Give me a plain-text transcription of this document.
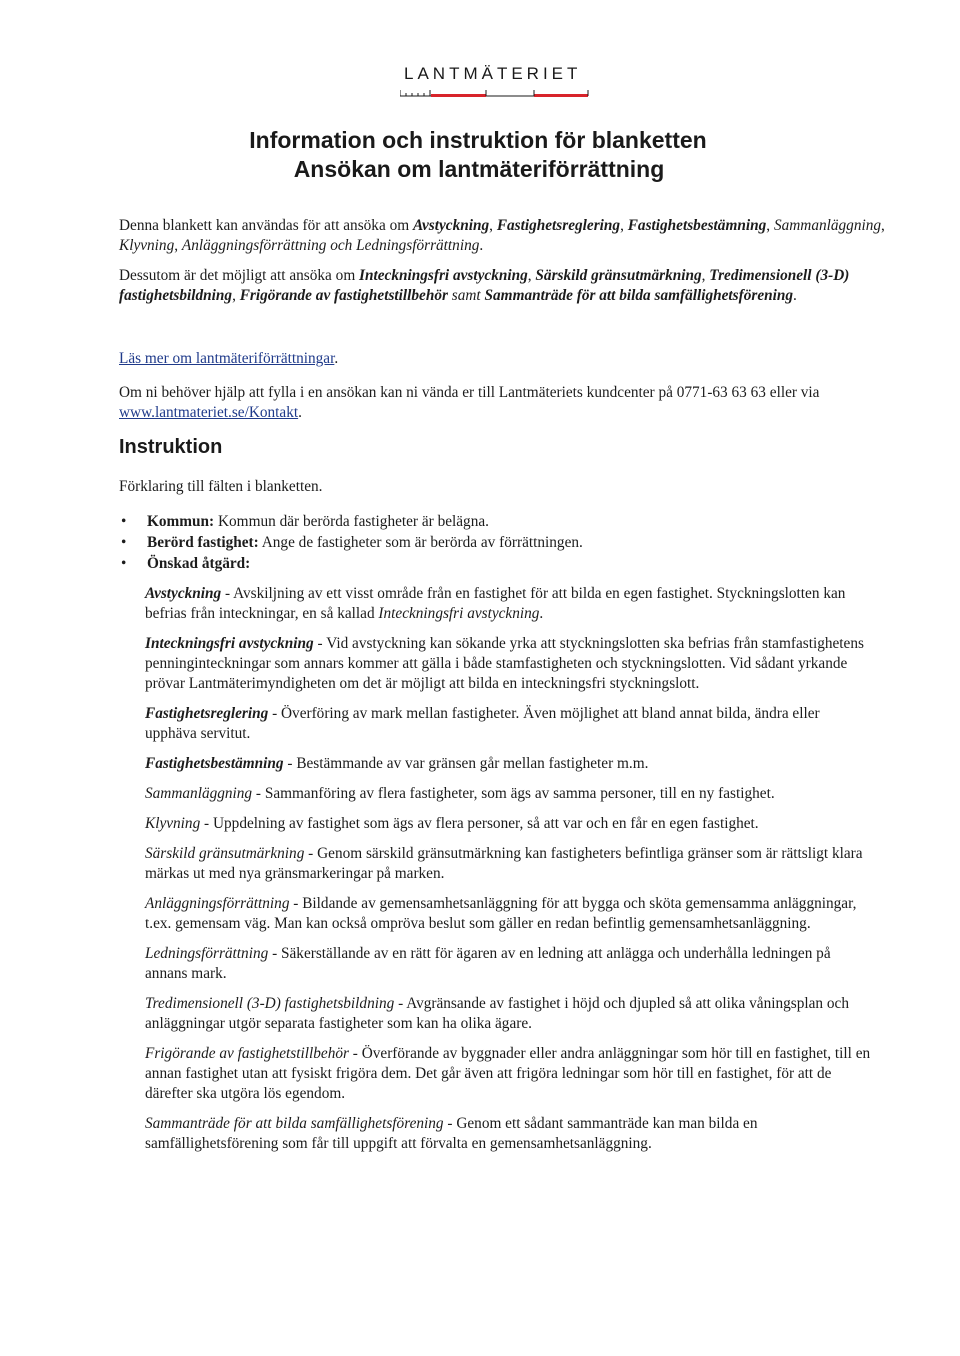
LANTMÄTERIET
Information och instruktion för blanketten
Ansökan om lantmäteriförrättning

Denna blankett kan användas för att ansöka om Avstyckning, Fastighetsreglering, Fastighetsbestämning, Sammanläggning, Klyvning, Anläggningsförrättning och Ledningsförrättning.

Dessutom är det möjligt att ansöka om Inteckningsfri avstyckning, Särskild gränsutmärkning, Tredimensionell (3-D) fastighetsbildning, Frigörande av fastighetstillbehör samt Sammanträde för att bilda samfällighetsförening.

Läs mer om lantmäteriförrättningar.

Om ni behöver hjälp att fylla i en ansökan kan ni vända er till Lantmäteriets kundcenter på 0771-63 63 63 eller via www.lantmateriet.se/Kontakt.

Instruktion

Förklaring till fälten i blanketten.

• Kommun: Kommun där berörda fastigheter är belägna.
• Berörd fastighet: Ange de fastigheter som är berörda av förrättningen.
• Önskad åtgärd:

Avstyckning - Avskiljning av ett visst område från en fastighet för att bilda en egen fastighet. Styckningslotten kan befrias från inteckningar, en så kallad Inteckningsfri avstyckning.

Inteckningsfri avstyckning - Vid avstyckning kan sökande yrka att styckningslotten ska befrias från stamfastighetens penninginteckningar som annars kommer att gälla i både stamfastigheten och styckningslotten. Vid sådant yrkande prövar Lantmäterimyndigheten om det är möjligt att bilda en inteckningsfri styckningslott.

Fastighetsreglering - Överföring av mark mellan fastigheter. Även möjlighet att bland annat bilda, ändra eller upphäva servitut.

Fastighetsbestämning - Bestämmande av var gränsen går mellan fastigheter m.m.

Sammanläggning - Sammanföring av flera fastigheter, som ägs av samma personer, till en ny fastighet.

Klyvning - Uppdelning av fastighet som ägs av flera personer, så att var och en får en egen fastighet.

Särskild gränsutmärkning - Genom särskild gränsutmärkning kan fastigheters befintliga gränser som är rättsligt klara märkas ut med nya gränsmarkeringar på marken.

Anläggningsförrättning - Bildande av gemensamhetsanläggning för att bygga och sköta gemensamma anläggningar, t.ex. gemensam väg. Man kan också ompröva beslut som gäller en redan befintlig gemensamhetsanläggning.

Ledningsförrättning - Säkerställande av en rätt för ägaren av en ledning att anlägga och underhålla ledningen på annans mark.

Tredimensionell (3-D) fastighetsbildning - Avgränsande av fastighet i höjd och djupled så att olika våningsplan och anläggningar utgör separata fastigheter som kan ha olika ägare.

Frigörande av fastighetstillbehör - Överförande av byggnader eller andra anläggningar som hör till en fastighet, till en annan fastighet utan att fysiskt frigöra dem. Det går även att frigöra ledningar som hör till en fastighet, för att de därefter ska utgöra lös egendom.

Sammanträde för att bilda samfällighetsförening - Genom ett sådant sammanträde kan man bilda en samfällighetsförening som får till uppgift att förvalta en gemensamhetsanläggning.
